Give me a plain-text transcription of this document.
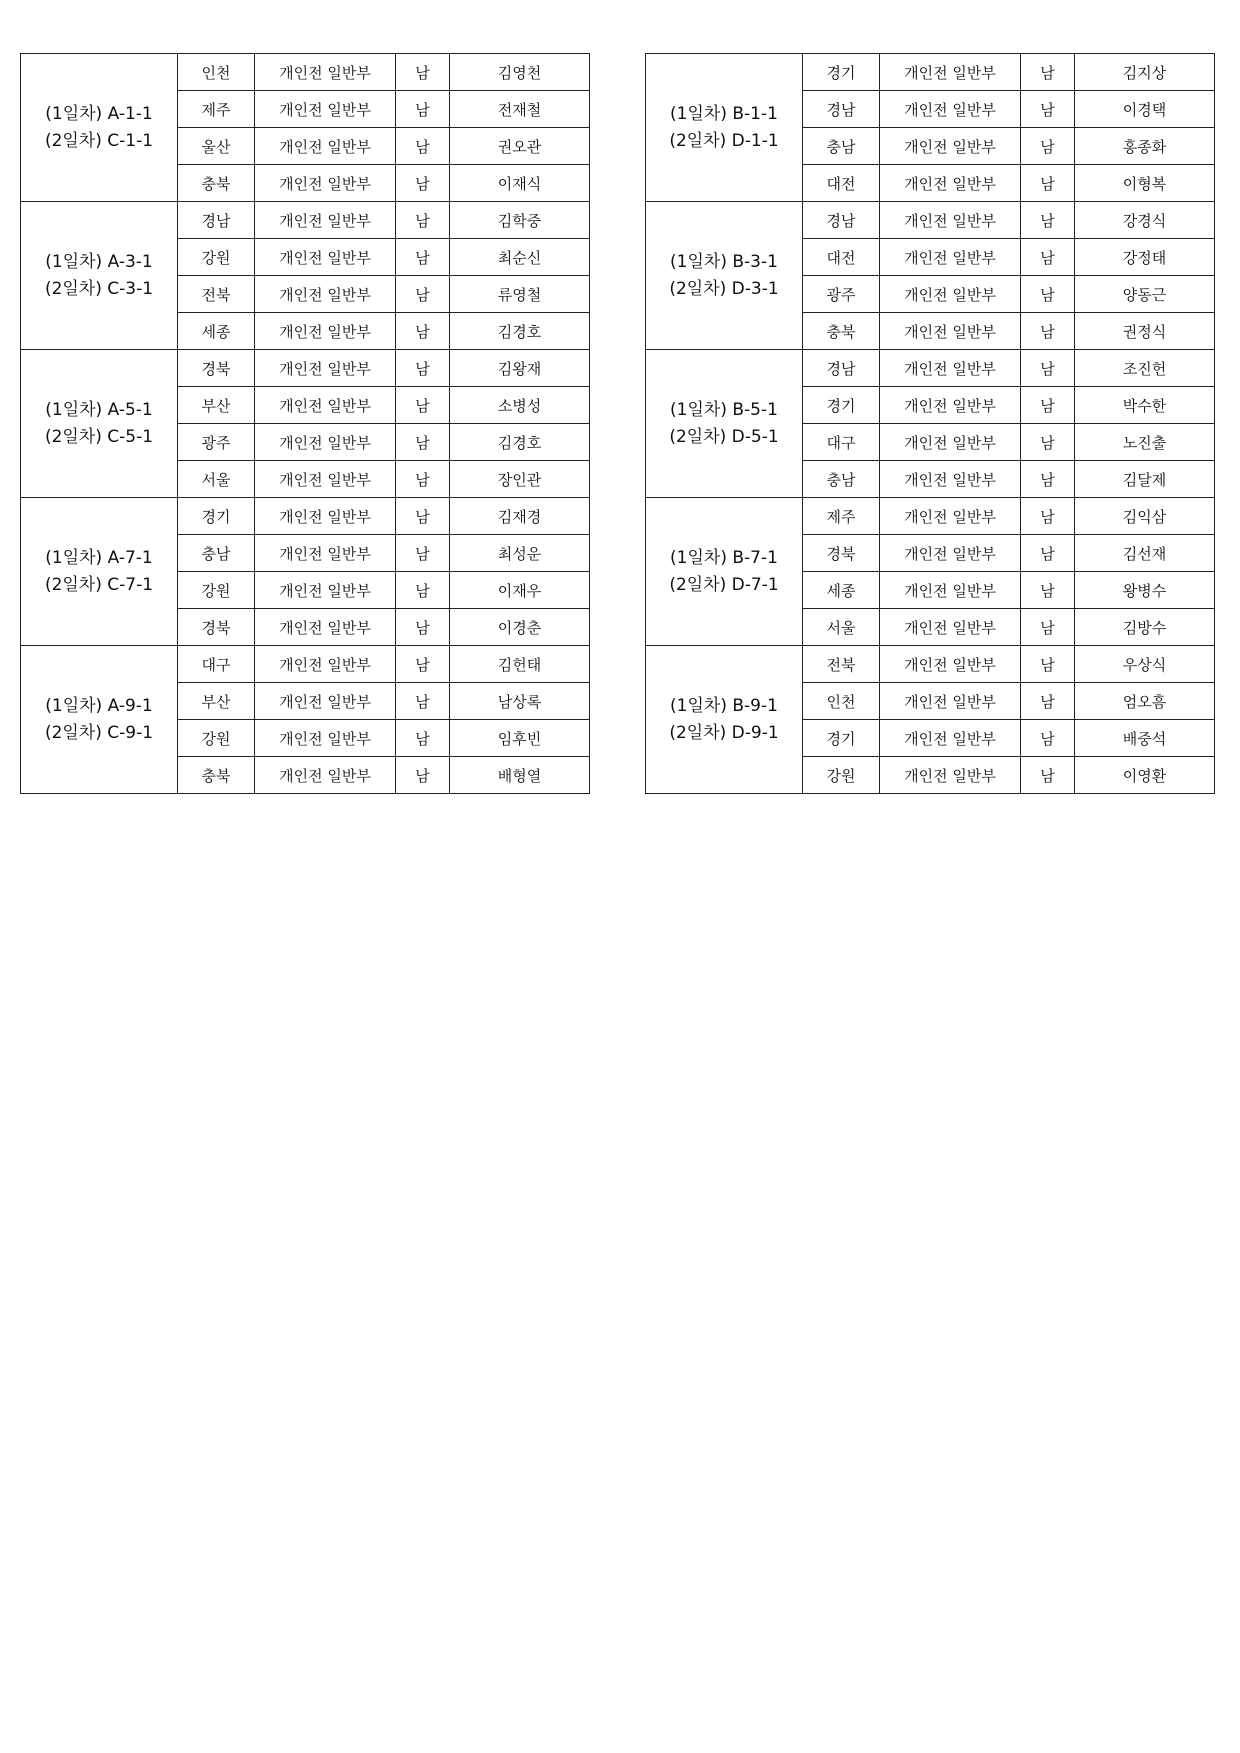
(1일차) A-1-1
(2일차) C-1-1	인천	개인전 일반부	남	김영천
	제주	개인전 일반부	남	전재철
	울산	개인전 일반부	남	권오관
	충북	개인전 일반부	남	이재식

(1일차) A-3-1
(2일차) C-3-1	경남	개인전 일반부	남	김학중
	강원	개인전 일반부	남	최순신
	전북	개인전 일반부	남	류영철
	세종	개인전 일반부	남	김경호

(1일차) A-5-1
(2일차) C-5-1	경북	개인전 일반부	남	김왕재
	부산	개인전 일반부	남	소병성
	광주	개인전 일반부	남	김경호
	서울	개인전 일반부	남	장인관

(1일차) A-7-1
(2일차) C-7-1	경기	개인전 일반부	남	김재경
	충남	개인전 일반부	남	최성운
	강원	개인전 일반부	남	이재우
	경북	개인전 일반부	남	이경춘

(1일차) A-9-1
(2일차) C-9-1	대구	개인전 일반부	남	김헌태
	부산	개인전 일반부	남	남상록
	강원	개인전 일반부	남	임후빈
	충북	개인전 일반부	남	배형열
(1일차) B-1-1
(2일차) D-1-1	경기	개인전 일반부	남	김지상
	경남	개인전 일반부	남	이경택
	충남	개인전 일반부	남	홍종화
	대전	개인전 일반부	남	이형복

(1일차) B-3-1
(2일차) D-3-1	경남	개인전 일반부	남	강경식
	대전	개인전 일반부	남	강정태
	광주	개인전 일반부	남	양동근
	충북	개인전 일반부	남	권정식

(1일차) B-5-1
(2일차) D-5-1	경남	개인전 일반부	남	조진헌
	경기	개인전 일반부	남	박수한
	대구	개인전 일반부	남	노진출
	충남	개인전 일반부	남	김달제

(1일차) B-7-1
(2일차) D-7-1	제주	개인전 일반부	남	김익삼
	경북	개인전 일반부	남	김선재
	세종	개인전 일반부	남	왕병수
	서울	개인전 일반부	남	김방수

(1일차) B-9-1
(2일차) D-9-1	전북	개인전 일반부	남	우상식
	인천	개인전 일반부	남	엄오흠
	경기	개인전 일반부	남	배중석
	강원	개인전 일반부	남	이영환
